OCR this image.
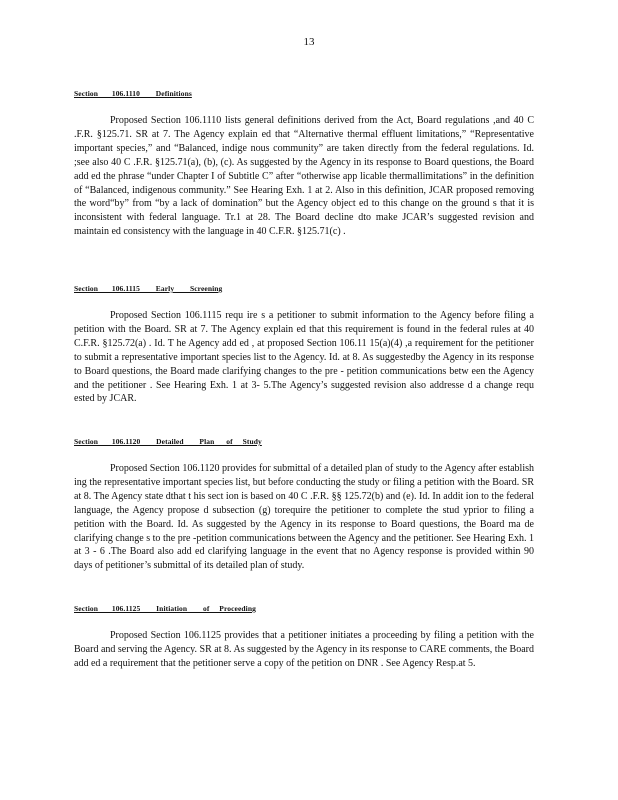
13
Section       106.1110        Definitions
Proposed Section 106.1110 lists general definitions derived from the Act, Board regulations ,and 40 C .F.R. §125.71. SR at 7. The Agency explain ed that “Alternative thermal effluent limitations,” “Representative important species,” and “Balanced, indige nous community” are taken directly from the federal regulations. Id. ;see also 40 C .F.R. §125.71(a), (b), (c). As suggested by the Agency in its response to Board questions, the Board add ed the phrase “under Chapter I of Subtitle C” after “otherwise app licable thermallimitations” in the definition of “Balanced, indigenous community.” See Hearing Exh. 1 at 2. Also in this definition, JCAR proposed removing the word“by” from “by a lack of domination” but the Agency object ed to this change on the ground s that it is inconsistent with federal language. Tr.1 at 28. The Board decline dto make JCAR’s suggested revision and maintain ed consistency with the language in 40 C.F.R. §125.71(c) .
Section       106.1115        Early        Screening
Proposed Section 106.1115 requ ire s a petitioner to submit information to the Agency before filing a petition with the Board. SR at 7. The Agency explain ed that this requirement is found in the federal rules at 40 C.F.R. §125.72(a) . Id. T he Agency add ed , at proposed Section 106.11 15(a)(4) ,a requirement for the petitioner to submit a representative important species list to the Agency. Id. at 8. As suggestedby the Agency in its response to Board questions, the Board made clarifying changes to the pre - petition communications betw een the Agency and the petitioner . See Hearing Exh. 1 at 3- 5.The Agency’s suggested revision also addresse d a change requ ested by JCAR.
Section       106.1120        Detailed        Plan      of     Study
Proposed Section 106.1120 provides for submittal of a detailed plan of study to the Agency after establish ing the representative important species list, but before conducting the study or filing a petition with the Board. SR at 8. The Agency state dthat t his sect ion is based on 40 C .F.R. §§ 125.72(b) and (e). Id. In addit ion to the federal language, the Agency propose d subsection (g) torequire the petitioner to complete the stud yprior to filing a petition with the Board. Id. As suggested by the Agency in its response to Board questions, the Board ma de clarifying change s to the pre -petition communications between the Agency and the petitioner. See Hearing Exh. 1 at 3 - 6 .The Board also add ed clarifying language in the event that no Agency response is provided within 90 days of petitioner’s submittal of its detailed plan of study.
Section       106.1125        Initiation        of     Proceeding
Proposed Section 106.1125 provides that a petitioner initiates a proceeding by filing a petition with the Board and serving the Agency. SR at 8. As suggested by the Agency in its response to CARE comments, the Board add ed a requirement that the petitioner serve a copy of the petition on DNR . See Agency Resp.at 5.
